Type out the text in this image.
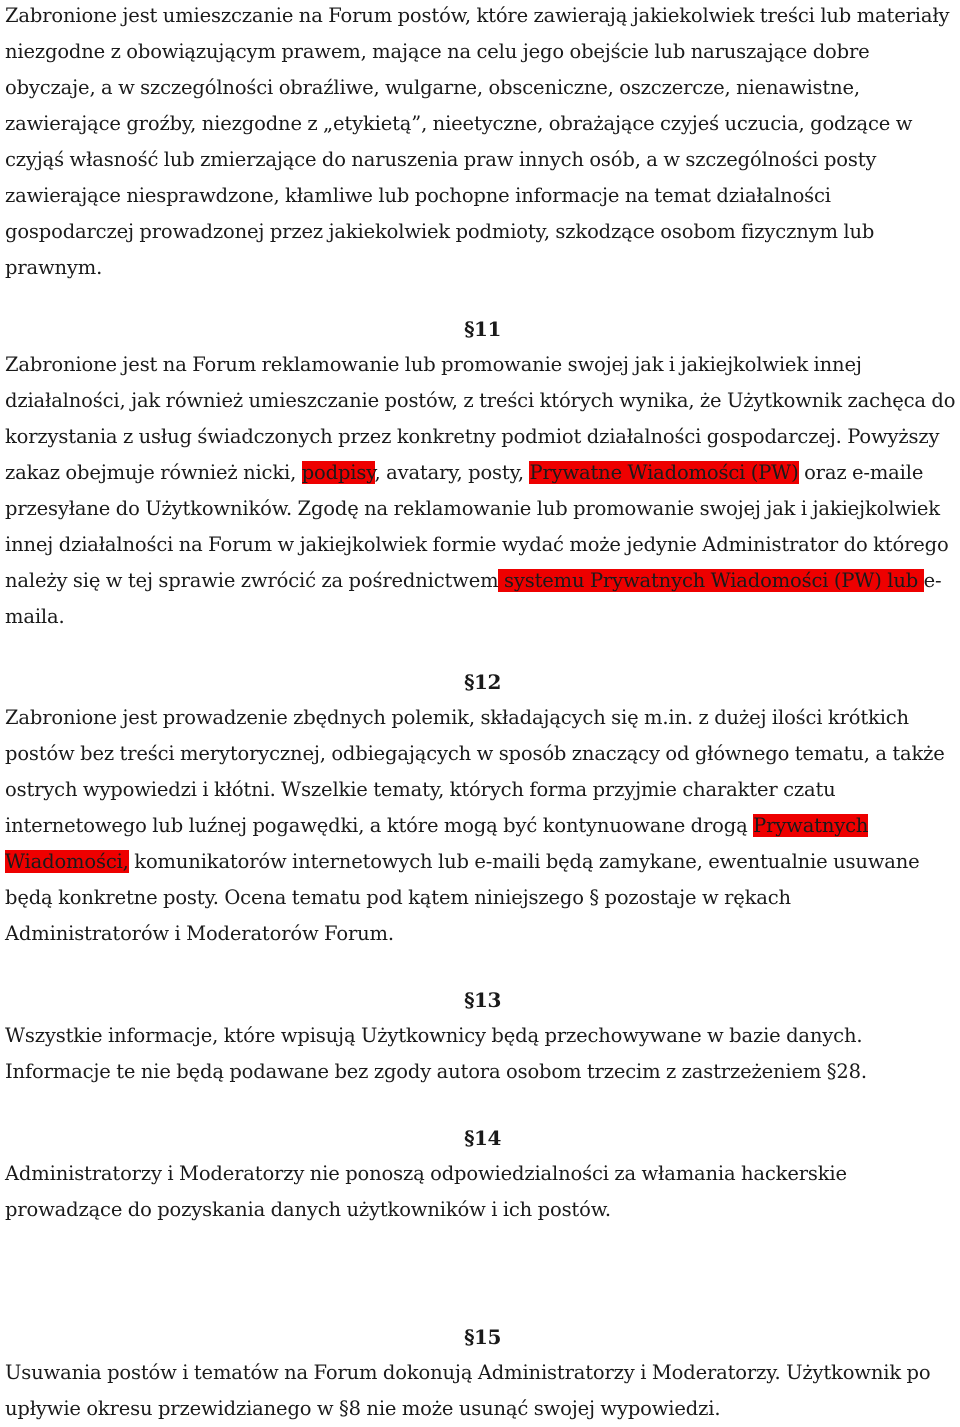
Zabronione jest umieszczanie na Forum postów, które zawierają jakiekolwiek treści lub materiały niezgodne z obowiązującym prawem, mające na celu jego obejście lub naruszające dobre obyczaje, a w szczególności obraźliwe, wulgarne, obsceniczne, oszczercze, nienawistne, zawierające groźby, niezgodne z „etykietą”, nieetyczne, obrażające czyjeś uczucia, godzące w czyjąś własność lub zmierzające do naruszenia praw innych osób, a w szczególności posty zawierające niesprawdzone, kłamliwe lub pochopne informacje na temat działalności gospodarczej prowadzonej przez jakiekolwiek podmioty, szkodzące osobom fizycznym lub prawnym.

§11

Zabronione jest na Forum reklamowanie lub promowanie swojej jak i jakiejkolwiek innej działalności, jak również umieszczanie postów, z treści których wynika, że Użytkownik zachęca do korzystania z usług świadczonych przez konkretny podmiot działalności gospodarczej. Powyższy zakaz obejmuje również nicki, podpisy, avatary, posty, Prywatne Wiadomości (PW) oraz e-maile przesyłane do Użytkowników. Zgodę na reklamowanie lub promowanie swojej jak i jakiejkolwiek innej działalności na Forum w jakiejkolwiek formie wydać może jedynie Administrator do którego należy się w tej sprawie zwrócić za pośrednictwem systemu Prywatnych Wiadomości (PW) lub e-maila.

§12

Zabronione jest prowadzenie zbędnych polemik, składających się m.in. z dużej ilości krótkich postów bez treści merytorycznej, odbiegających w sposób znaczący od głównego tematu, a także ostrych wypowiedzi i kłótni. Wszelkie tematy, których forma przyjmie charakter czatu internetowego lub luźnej pogawędki, a które mogą być kontynuowane drogą Prywatnych Wiadomości, komunikatorów internetowych lub e-maili będą zamykane, ewentualnie usuwane będą konkretne posty. Ocena tematu pod kątem niniejszego § pozostaje w rękach Administratorów i Moderatorów Forum.

§13

Wszystkie informacje, które wpisują Użytkownicy będą przechowywane w bazie danych. Informacje te nie będą podawane bez zgody autora osobom trzecim z zastrzeżeniem §28.

§14

Administratorzy i Moderatorzy nie ponoszą odpowiedzialności za włamania hackerskie prowadzące do pozyskania danych użytkowników i ich postów.

§15

Usuwania postów i tematów na Forum dokonują Administratorzy i Moderatorzy. Użytkownik po upływie okresu przewidzianego w §8 nie może usunąć swojej wypowiedzi.
